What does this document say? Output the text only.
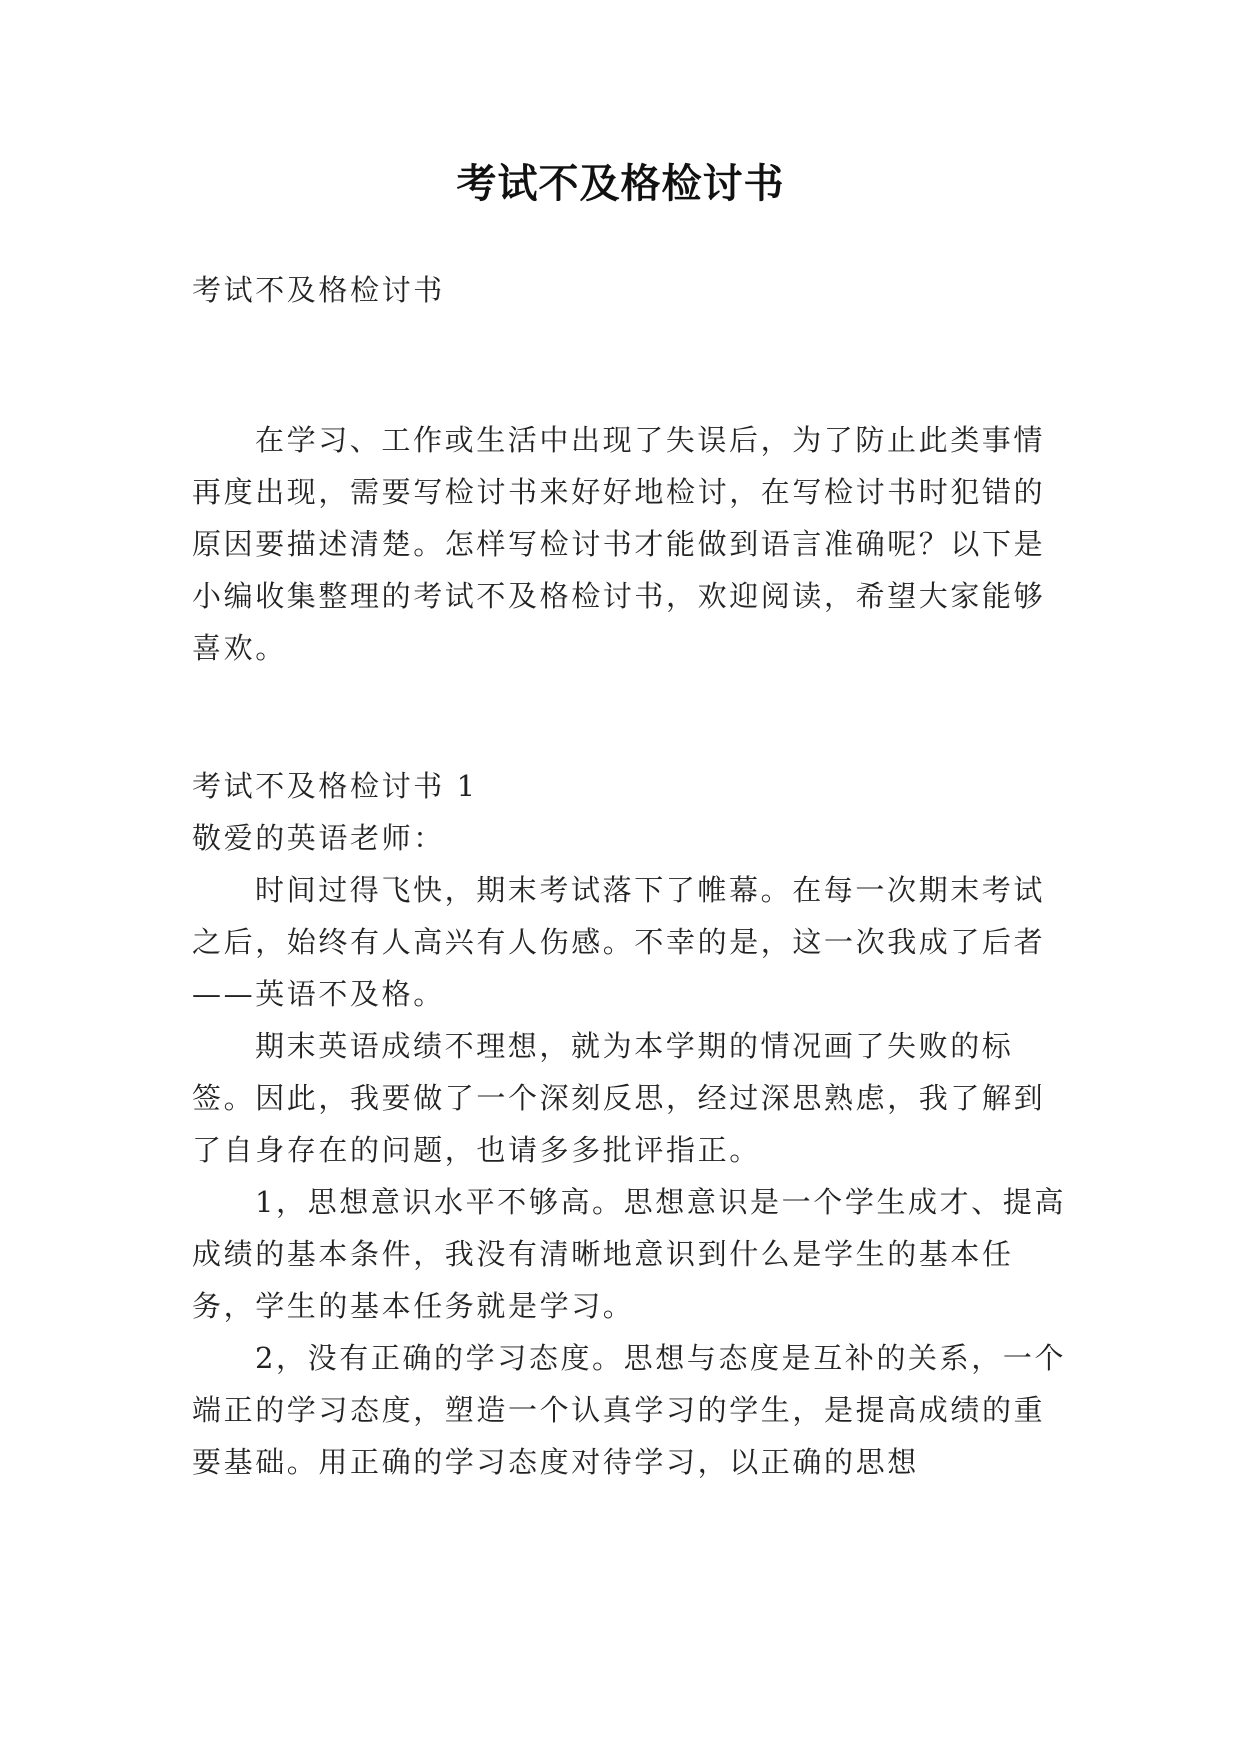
考试不及格检讨书

考试不及格检讨书

在学习、工作或生活中出现了失误后，为了防止此类事情再度出现，需要写检讨书来好好地检讨，在写检讨书时犯错的原因要描述清楚。怎样写检讨书才能做到语言准确呢？以下是小编收集整理的考试不及格检讨书，欢迎阅读，希望大家能够喜欢。

考试不及格检讨书 1

敬爱的英语老师：

时间过得飞快，期末考试落下了帷幕。在每一次期末考试之后，始终有人高兴有人伤感。不幸的是，这一次我成了后者——英语不及格。

期末英语成绩不理想，就为本学期的情况画了失败的标签。因此，我要做了一个深刻反思，经过深思熟虑，我了解到了自身存在的问题，也请多多批评指正。

1，思想意识水平不够高。思想意识是一个学生成才、提高成绩的基本条件，我没有清晰地意识到什么是学生的基本任务，学生的基本任务就是学习。

2，没有正确的学习态度。思想与态度是互补的关系，一个端正的学习态度，塑造一个认真学习的学生，是提高成绩的重要基础。用正确的学习态度对待学习，以正确的思想
